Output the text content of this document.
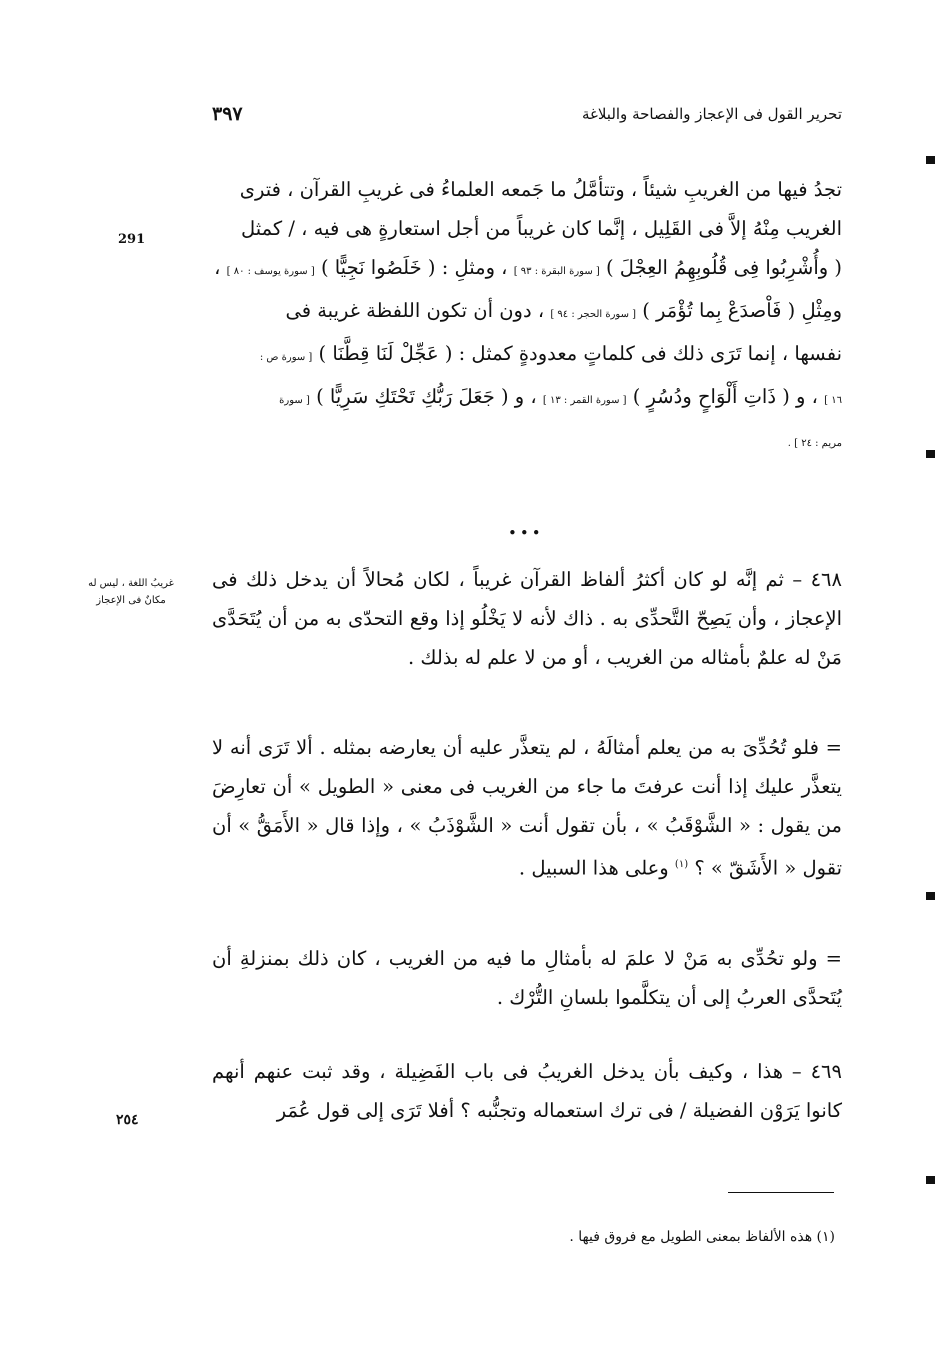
تحرير القول فى الإعجاز والفصاحة والبلاغة
٣٩٧
291

تجدُ فيها من الغريبِ شيئاً ، وتتأمَّلُ ما جَمعه العلماءُ فى غريبِ القرآن ، فترى

الغريب مِنْهُ إلاَّ فى القَلِيل ، إنَّما كان غريباً من أجل استعارةٍ هى فيه ، / كمثل

( وأُشْرِبُوا فِى قُلُوبِهِمُ العِجْلَ ) [ سورة البقرة : ٩٣ ] ، ومثلِ : ( خَلَصُوا نَجِيًّا ) [ سورة يوسف : ٨٠ ] ،

ومِثْلِ ( فَاْصدَعْ بِما تُؤْمَر ) [ سورة الحجر : ٩٤ ] ، دون أن تكون اللفظة غريبة فى

نفسها ، إنما تَرَى ذلك فى كلماتٍ معدودةٍ كمثل : ( عَجِّلْ لَنَا قِطَّنَا ) [ سورة ص :

١٦ ] ، و ( ذَاتِ أَلْوَاحٍ ودُسُرٍ ) [ سورة القمر : ١٣ ] ، و ( جَعَلَ رَبُّكِ تَحْتَكِ سَرِيًّا ) [ سورة

مريم : ٢٤ ] .

•••
غريبُ اللغة ، ليس له مكانٌ فى الإعجاز

٤٦٨ – ثم إنَّه لو كان أكثرُ ألفاظ القرآن غريباً ، لكان مُحالاً أن يدخل ذلك فى الإعجاز ، وأن يَصِحّ التَّحدِّى به . ذاك لأنه لا يَخْلُو إذا وقع التحدّى به من أن يُتَحَدَّى مَنْ له علمٌ بأمثاله من الغريب ، أو من لا علم له بذلك .

= فلو تُحُدِّىَ به من يعلم أمثالَهُ ، لم يتعذَّر عليه أن يعارضه بمثله . ألا تَرَى أنه لا يتعذَّر عليك إذا أنت عرفتَ ما جاء من الغريب فى معنى « الطويل » أن تعارِضَ من يقول : « الشَّوْقَبُ » ، بأن تقول أنت « الشَّوْذَبُ » ، وإذا قال « الأَمَقُّ » أن تقول « الأَشَقّ » ؟ $^{(١)}$ وعلى هذا السبيل .

= ولو تحُدِّى به مَنْ لا علمَ له بأمثالِ ما فيه من الغريب ، كان ذلك بمنزلةِ أن يُتَحدَّى العربُ إلى أن يتكلَّموا بلسانِ التُّرْك .

٤٦٩ – هذا ، وكيف بأن يدخل الغريبُ فى باب الفَضِيلة ، وقد ثبت عنهم أنهم كانوا يَرَوْن الفضيلة / فى ترك استعماله وتجنُّبه ؟ أفلا تَرَى إلى قول عُمَر

٢٥٤
(١) هذه الألفاظ بمعنى الطويل مع فروق فيها .
